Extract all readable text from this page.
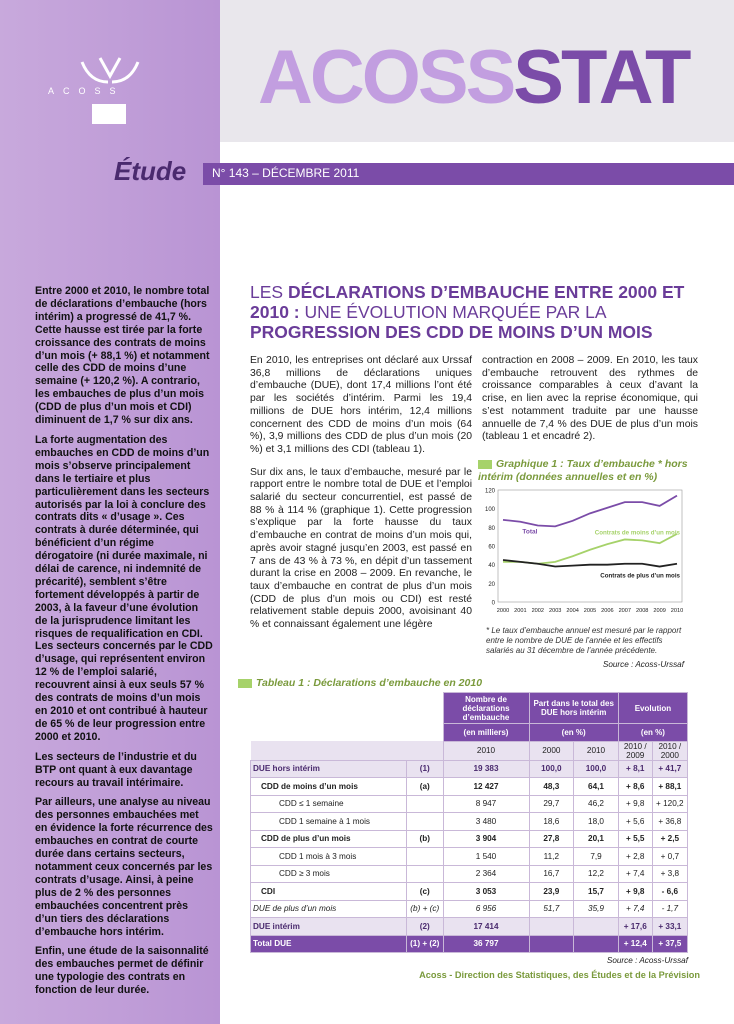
ACOSS
Étude

Entre 2000 et 2010, le nombre total de déclarations d’embauche (hors intérim) a progressé de 41,7 %. Cette hausse est tirée par la forte croissance des contrats de moins d’un mois (+ 88,1 %) et notamment celle des CDD de moins d’une semaine (+ 120,2 %). A contrario, les embauches de plus d’un mois (CDD de plus d’un mois et CDI) diminuent de 1,7 % sur dix ans.

La forte augmentation des embauches en CDD de moins d’un mois s’observe principalement dans le tertiaire et plus particulièrement dans les secteurs autorisés par la loi à conclure des contrats dits « d’usage ». Ces contrats à durée déterminée, qui bénéficient d’un régime dérogatoire (ni durée maximale, ni délai de carence, ni indemnité de précarité), semblent s’être fortement développés à partir de 2003, à la faveur d’une évolution de la jurisprudence limitant les risques de requalification en CDI. Les secteurs concernés par le CDD d’usage, qui représentent environ 12 % de l’emploi salarié, recouvrent ainsi à eux seuls 57 % des contrats de moins d’un mois en 2010 et ont contribué à hauteur de 65 % de leur progression entre 2000 et 2010.

Les secteurs de l’industrie et du BTP ont quant à eux davantage recours au travail intérimaire.

Par ailleurs, une analyse au niveau des personnes embauchées met en évidence la forte récurrence des embauches en contrat de courte durée dans certains secteurs, notamment ceux concernés par les contrats d’usage. Ainsi, à peine plus de 2 % des personnes embauchées concentrent près d’un tiers des déclarations d’embauche hors intérim.

Enfin, une étude de la saisonnalité des embauches permet de définir une typologie des contrats en fonction de leur durée.

ACOSSSTAT
N° 143 – DÉCEMBRE 2011
LES DÉCLARATIONS D’EMBAUCHE ENTRE 2000 ET 2010 : UNE ÉVOLUTION MARQUÉE PAR LA PROGRESSION DES CDD DE MOINS D’UN MOIS

En 2010, les entreprises ont déclaré aux Urssaf 36,8 millions de déclarations uniques d’embauche (DUE), dont 17,4 millions l’ont été par les sociétés d’intérim. Parmi les 19,4 millions de DUE hors intérim, 12,4 millions concernent des CDD de moins d’un mois (64 %), 3,9 millions des CDD de plus d’un mois (20 %) et 3,1 millions des CDI (tableau 1).

Sur dix ans, le taux d’embauche, mesuré par le rapport entre le nombre total de DUE et l’emploi salarié du secteur concurrentiel, est passé de 88 % à 114 % (graphique 1). Cette progression s’explique par la forte hausse du taux d’embauche en contrat de moins d’un mois qui, après avoir stagné jusqu’en 2003, est passé en 7 ans de 43 % à 73 %, en dépit d’un tassement durant la crise en 2008 – 2009. En revanche, le taux d’embauche en contrat de plus d’un mois (CDD de plus d’un mois ou CDI) est resté relativement stable depuis 2000, avoisinant 40 % et connaissant également une légère

contraction en 2008 – 2009. En 2010, les taux d’embauche retrouvent des rythmes de croissance comparables à ceux d’avant la crise, en lien avec la reprise économique, qui s’est notamment traduite par une hausse annuelle de 7,4 % des DUE de plus d’un mois (tableau 1 et encadré 2).

Graphique 1 : Taux d’embauche * hors intérim (données annuelles et en %)
0
20
40
60
80
100
120
2000 2001 2002 2003 2004 2005 2006 2007 2008 2009 2010
Total	Contrats de moins d’un mois
Contrats de plus d’un mois
* Le taux d’embauche annuel est mesuré par le rapport entre le nombre de DUE de l’année et les effectifs salariés au 31 décembre de l’année précédente.
Source : Acoss-Urssaf
Tableau 1 : Déclarations d’embauche en 2010
		Nombre de déclarations d’embauche	Part dans le total des DUE hors intérim		Evolution	
		(en milliers)	(en %)		(en %)	
		2010	2000	2010	2010 / 2009	2010 / 2000
DUE hors intérim	(1)	19 383	100,0	100,0	+ 8,1	+ 41,7
CDD de moins d’un mois	(a)	12 427	48,3	64,1	+ 8,6	+ 88,1
CDD ≤ 1 semaine		8 947	29,7	46,2	+ 9,8	+ 120,2
CDD 1 semaine à 1 mois		3 480	18,6	18,0	+ 5,6	+ 36,8
CDD de plus d’un mois	(b)	3 904	27,8	20,1	+ 5,5	+ 2,5
CDD 1 mois à 3 mois		1 540	11,2	7,9	+ 2,8	+ 0,7
CDD ≥ 3 mois		2 364	16,7	12,2	+ 7,4	+ 3,8
CDI	(c)	3 053	23,9	15,7	+ 9,8	- 6,6
DUE de plus d’un mois	(b) + (c)	6 956	51,7	35,9	+ 7,4	- 1,7
DUE intérim	(2)	17 414			+ 17,6	+ 33,1
Total DUE	(1) + (2)	36 797			+ 12,4	+ 37,5
Source : Acoss-Urssaf
Acoss - Direction des Statistiques, des Études et de la Prévision
